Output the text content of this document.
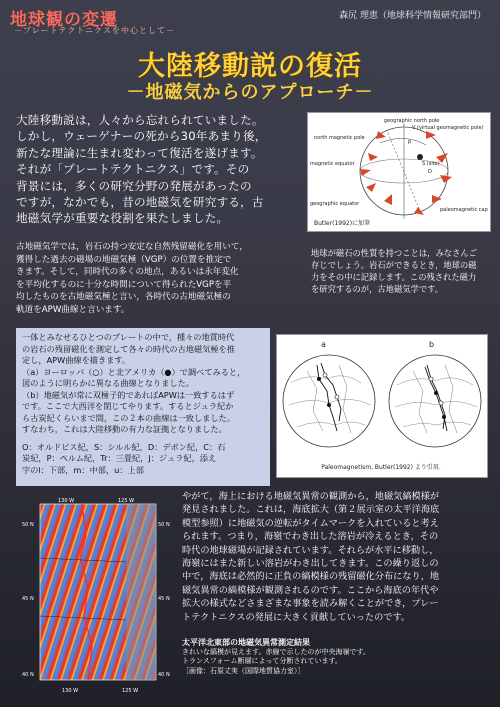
地球観の変遷
－プレートテクトニクスを中心として－
森尻 理恵（地球科学情報研究部門）
大陸移動説の復活
－地磁気からのアプローチ－
大陸移動説は，人々から忘れられていました。
しかし，ウェーゲナーの死から30年あまり後，
新たな理論に生まれ変わって復活を遂げます。
それが「プレートテクトニクス」です。その
背景には，多くの研究分野の発展があったの
ですが，なかでも，昔の地磁気を研究する，古
地磁気学が重要な役割を果たしました。
geographic north pole
V (virtual geomagnetic pole)
north magnetic pole
magnetic equator
geographic equator
p
S (site)
paleomagnetic cap
D
Butler(1992)に加筆
地球が磁石の性質を持つことは，みなさんご
存じでしょう。岩石ができるとき，地球の磁
力をその中に記録します。この残された磁力
を研究するのが，古地磁気学です。
古地磁気学では，岩石の持つ安定な自然残留磁化を用いて，
獲得した過去の磁場の地磁気極（VGP）の位置を推定で
きます。そして，同時代の多くの地点，あるいは永年変化
を平均化するのに十分な時間について得られたVGPを平
均したものを古地磁気極と言い，各時代の古地磁気極の
軌道をAPW曲線と言います。
一体とみなせるひとつのプレートの中で，種々の地質時代
の岩石の残留磁化を測定して各々の時代の古地磁気極を推
定し，APW曲線を描きます。
（a）ヨーロッパ（○）と北アメリカ（●）で調べてみると，
図のように明らかに異なる曲線となりました。
（b）地磁気が常に双極子的であればAPWは一致するはず
です。ここで大西洋を閉じてやります。するとジュラ紀か
ら古炭紀くらいまで間，この２本の曲線は一致しました。
すなわち，これは大陸移動の有力な証拠となりました。
O：オルドビス紀，S：シルル紀，D：デボン紀，C：石
炭紀，P：ペルム紀，Tr：三畳紀，J：ジュラ紀，添え
字のl：下部，m：中部，u：上部
a	b
Paleomagnetism, Butler(1992) より引用.
130 W	125 W
130 W	125 W
50 N
45 N
40 N
50 N
45 N
40 N
やがて，海上における地磁気異常の観測から，地磁気縞模様が
発見されました。これは，海底拡大（第２展示室の太平洋海底
模型参照）に地磁気の逆転がタイムマークを入れていると考え
られます。つまり，海嶺でわき出した溶岩が冷えるとき，その
時代の地球磁場が記録されています。それらが水平に移動し，
海嶺にはまた新しい溶岩がわき出してきます。この繰り返しの
中で，海底は必然的に正負の縞模様の残留磁化分布になり，地
磁気異常の縞模様が観測されるのです。ここから海底の年代や
拡大の様式などさまざまな事象を読み解くことができ，プレー
トテクトニクスの発展に大きく貢献していったのです。
太平洋北東部の地磁気異常測定結果
きれいな縞模が見えます。赤線で示したのが中央海嶺です。
トランスフォーム断層によって分断されています。
［画像：石原丈実（国際地質協力室）］
